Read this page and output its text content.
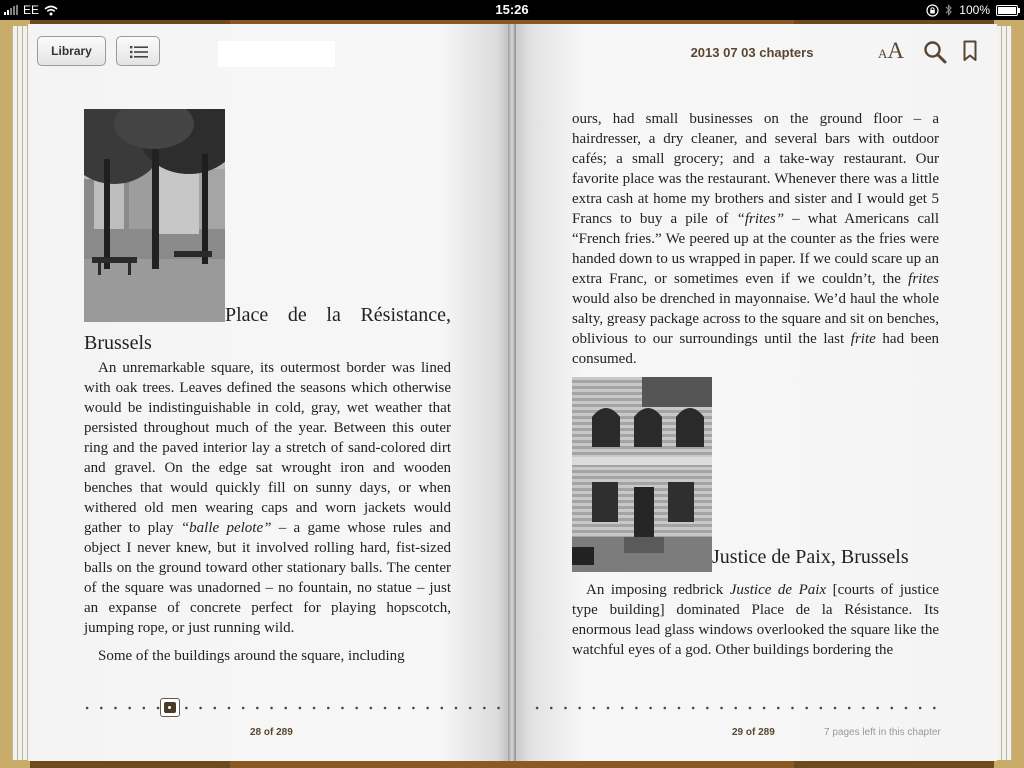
EE	15:26	100%
Library	2013 07 03 chapters	AA
Place de la Résistance,
Brussels

An unremarkable square, its outermost border was lined with oak trees. Leaves defined the seasons which otherwise would be indistinguishable in cold, gray, wet weather that persisted throughout much of the year. Between this outer ring and the paved interior lay a stretch of sand-colored dirt and gravel. On the edge sat wrought iron and wooden benches that would quickly fill on sunny days, or when withered old men wearing caps and worn jackets would gather to play “balle pelote” – a game whose rules and object I never knew, but it involved rolling hard, fist-sized balls on the ground toward other stationary balls. The center of the square was unadorned – no fountain, no statue – just an expanse of concrete perfect for playing hopscotch, jumping rope, or just running wild.

Some of the buildings around the square, including

ours, had small businesses on the ground floor – a hairdresser, a dry cleaner, and several bars with outdoor cafés; a small grocery; and a take-way restaurant. Our favorite place was the restaurant. Whenever there was a little extra cash at home my brothers and sister and I would get 5 Francs to buy a pile of “frites” – what Americans call “French fries.” We peered up at the counter as the fries were handed down to us wrapped in paper. If we could scare up an extra Franc, or sometimes even if we couldn’t, the frites would also be drenched in mayonnaise. We’d haul the whole salty, greasy package across to the square and sit on benches, oblivious to our surroundings until the last frite had been consumed.

Justice de Paix, Brussels

An imposing redbrick Justice de Paix [courts of justice type building] dominated Place de la Résistance. Its enormous lead glass windows overlooked the square like the watchful eyes of a god. Other buildings bordering the

28 of 289	29 of 289	7 pages left in this chapter
